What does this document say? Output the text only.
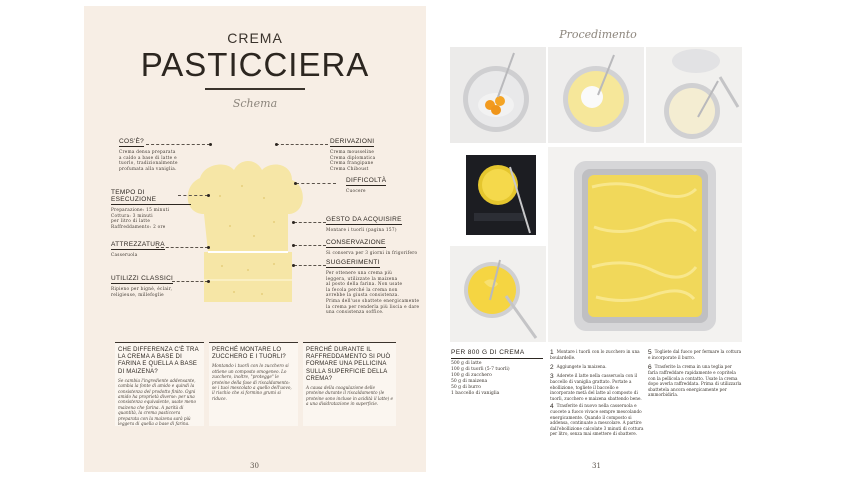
CREMA
PASTICCIERA
Schema
COS'È?
Crema densa preparata
a caldo a base di latte e
tuorlo, tradizionalmente
profumata alla vaniglia.
TEMPO DI ESECUZIONE
Preparazione: 15 minuti
Cottura: 3 minuti
per litro di latte
Raffreddamento: 2 ore
ATTREZZATURA
Casseruola
UTILIZZI CLASSICI
Ripieno per bignè, éclair,
religieuse, millefoglie
DERIVAZIONI
Crema mousseline
Crema diplomatica
Crema frangipane
Crema Chiboust
DIFFICOLTÀ
Cuocere
GESTO DA ACQUISIRE
Montare i tuorli (pagina 157)
CONSERVAZIONE
Si conserva per 3 giorni in frigorifero
SUGGERIMENTI
Per ottenere una crema più
leggera, utilizzate la maizena
al posto della farina. Non usate
la fecola perché la crema non
avrebbe la giusta consistenza.
Prima dell'uso sbattete energicamente
la crema per renderla più liscia e dare
una consistenza soffice.
CHE DIFFERENZA C'È TRA LA CREMA A BASE DI FARINA E QUELLA A BASE DI MAIZENA?
Se cambia l'ingrediente addensante, cambia la fonte di amido e quindi la consistenza del prodotto finito. Ogni amido ha proprietà diverse: per una consistenza equivalente, usate meno maizena che farina. A parità di quantità, la crema pasticcera preparata con la maizena sarà più leggera di quella a base di farina.
PERCHÉ MONTARE LO ZUCCHERO E I TUORLI?
Montando i tuorli con lo zucchero si ottiene un composto omogeneo. Lo zucchero, inoltre, "protegge" le proteine della fase di riscaldamento: se i tuoi mescolato a quello dell'uovo, il rischio che si formino grumi si riduce.
PERCHÉ DURANTE IL RAFFREDDAMENTO SI PUÒ FORMARE UNA PELLICINA SULLA SUPERFICIE DELLA CREMA?
A causa della coagulazione delle proteine durante il riscaldamento (le proteine sono incluse in acidità il latte) e a una disidratazione in superficie.
30
Procedimento
PER 800 G DI CREMA
500 g di latte
100 g di tuorli (5-7 tuorli)
100 g di zucchero
50 g di maizena
50 g di burro
1 baccello di vaniglia
1 Montare i tuorli con lo zucchero in una boulardelle.
2 Aggiungete la maizena.
3 Aderete il latte nella casseruola con il baccello di vaniglia grattato. Portate a ebollizione, togliete il baccello e incorporate metà del latte al composto di tuorli, zucchero e maizena sbattendo bene.
4 Trasferite di nuovo nella casseruola e cuocete a fuoco vivace sempre mescolando energicamente. Quando il composto si addensa, continuate a mescolare. A partire dall'ebollizione calcolate 3 minuti di cottura per litro, senza mai smettere di sbattere.
5 Togliete dal fuoco per fermare la cottura e incorporate il burro.
6 Trasferite la crema in una teglia per farla raffreddare rapidamente e copritela con la pellicola a contatto. Usate la crema dopo averla raffreddata. Prima di utilizzarla sbattetela ancora energicamente per ammorbidirla.
31
